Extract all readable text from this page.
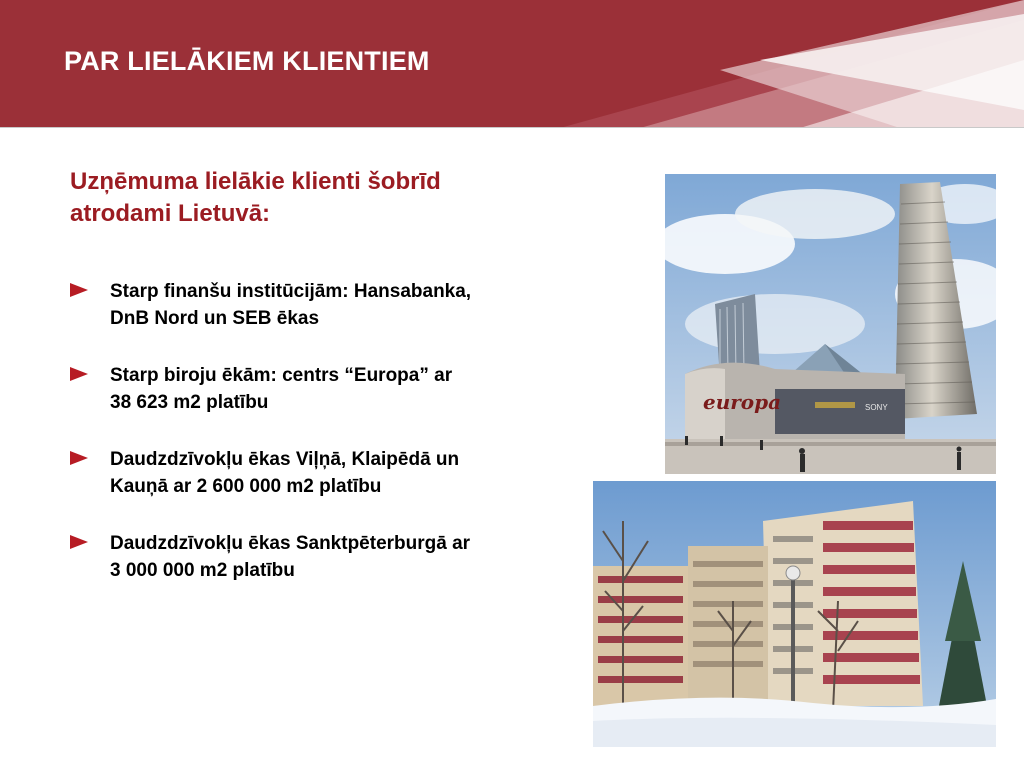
PAR LIELĀKIEM KLIENTIEM
Uzņēmuma lielākie klienti šobrīd
atrodami Lietuvā:
Starp finanšu institūcijām: Hansabanka,
DnB Nord un SEB ēkas
Starp biroju ēkām: centrs “Europa” ar
38 623 m2 platību
Daudzdzīvokļu ēkas Viļņā, Klaipēdā un
Kauņā ar 2 600 000 m2 platību
Daudzdzīvokļu ēkas Sanktpēterburgā ar
3 000 000 m2 platību
europa	SONY
